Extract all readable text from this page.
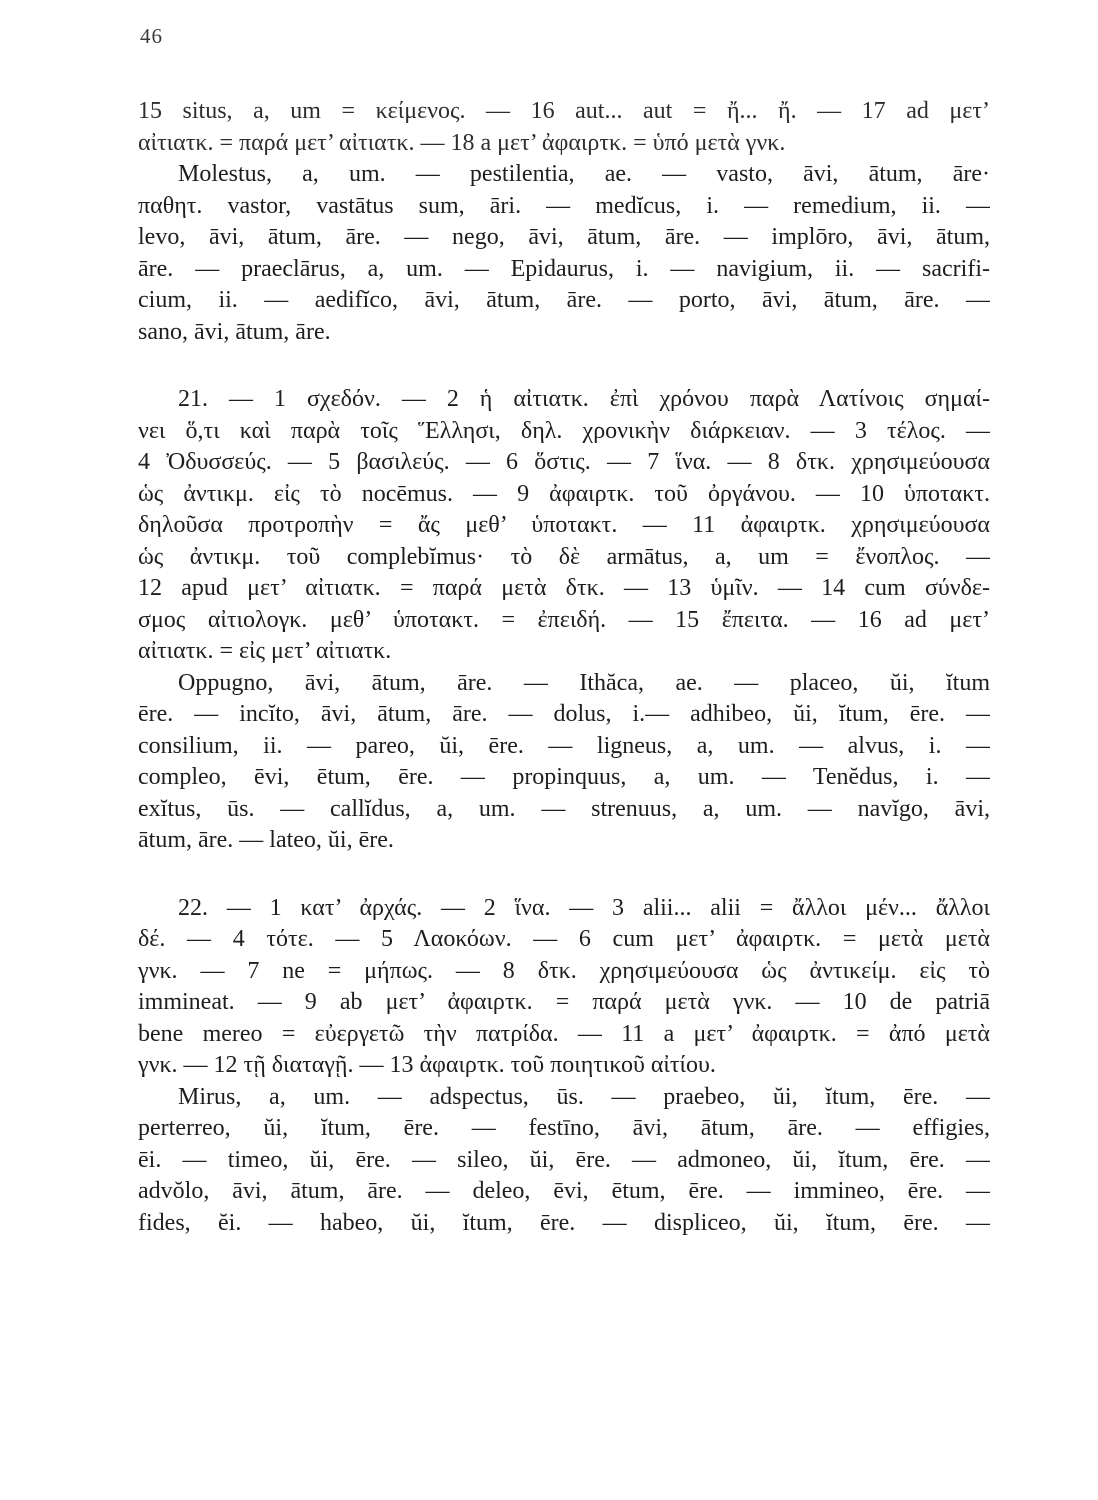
46
15 situs, a, um = κείμενος. — 16 aut... aut = ἤ... ἤ. — 17 ad μετ’
αἰτιατκ. = παρά μετ’ αἰτιατκ. — 18 a μετ’ ἀφαιρτκ. = ὑπό μετὰ γνκ.
Molestus, a, um. — pestilentia, ae. — vasto, āvi, ātum, āre·
παθητ. vastor, vastātus sum, āri. — medĭcus, i. — remedium, ii. —
levo, āvi, ātum, āre. — nego, āvi, ātum, āre. — implōro, āvi, ātum,
āre. — praeclārus, a, um. — Epidaurus, i. — navigium, ii. — sacrifi-
cium, ii. — aedifĭco, āvi, ātum, āre. — porto, āvi, ātum, āre. —
sano, āvi, ātum, āre.
21. — 1 σχεδόν. — 2 ἡ αἰτιατκ. ἐπὶ χρόνου παρὰ Λατίνοις σημαί-
νει ὅ,τι καὶ παρὰ τοῖς Ἕλλησι, δηλ. χρονικὴν διάρκειαν. — 3 τέλος. —
4 Ὀδυσσεύς. — 5 βασιλεύς. — 6 ὅστις. — 7 ἵνα. — 8 δτκ. χρησιμεύουσα
ὡς ἀντικμ. εἰς τὸ nocēmus. — 9 ἀφαιρτκ. τοῦ ὀργάνου. — 10 ὑποτακτ.
δηλοῦσα προτροπὴν = ἄς μεθ’ ὑποτακτ. — 11 ἀφαιρτκ. χρησιμεύουσα
ὡς ἀντικμ. τοῦ complebĭmus· τὸ δὲ armātus, a, um = ἔνοπλος. —
12 apud μετ’ αἰτιατκ. = παρά μετὰ δτκ. — 13 ὑμῖν. — 14 cum σύνδε-
σμος αἰτιολογκ. μεθ’ ὑποτακτ. = ἐπειδή. — 15 ἔπειτα. — 16 ad μετ’
αἰτιατκ. = εἰς μετ’ αἰτιατκ.
Oppugno, āvi, ātum, āre. — Ithăca, ae. — placeo, ŭi, ĭtum
ēre. — incĭto, āvi, ātum, āre. — dolus, i.— adhibeo, ŭi, ĭtum, ēre. —
consilium, ii. — pareo, ŭi, ēre. — ligneus, a, um. — alvus, i. —
compleo, ēvi, ētum, ēre. — propinquus, a, um. — Tenĕdus, i. —
exĭtus, ūs. — callĭdus, a, um. — strenuus, a, um. — navĭgo, āvi,
ātum, āre. — lateo, ŭi, ēre.
22. — 1 κατ’ ἀρχάς. — 2 ἵνα. — 3 alii... alii = ἄλλοι μέν... ἄλλοι
δέ. — 4 τότε. — 5 Λαοκόων. — 6 cum μετ’ ἀφαιρτκ. = μετὰ μετὰ
γνκ. — 7 ne = μήπως. — 8 δτκ. χρησιμεύουσα ὡς ἀντικείμ. εἰς τὸ
immineat. — 9 ab μετ’ ἀφαιρτκ. = παρά μετὰ γνκ. — 10 de patriā
bene mereo = εὐεργετῶ τὴν πατρίδα. — 11 a μετ’ ἀφαιρτκ. = ἀπό μετὰ
γνκ. — 12 τῇ διαταγῇ. — 13 ἀφαιρτκ. τοῦ ποιητικοῦ αἰτίου.
Mirus, a, um. — adspectus, ūs. — praebeo, ŭi, ĭtum, ēre. —
perterreo, ŭi, ĭtum, ēre. — festīno, āvi, ātum, āre. — effigies,
ēi. — timeo, ŭi, ēre. — sileo, ŭi, ēre. — admoneo, ŭi, ĭtum, ēre. —
advŏlo, āvi, ātum, āre. — deleo, ēvi, ētum, ēre. — immineo, ēre. —
fides, ĕi. — habeo, ŭi, ĭtum, ēre. — displiceo, ŭi, ĭtum, ēre. —
